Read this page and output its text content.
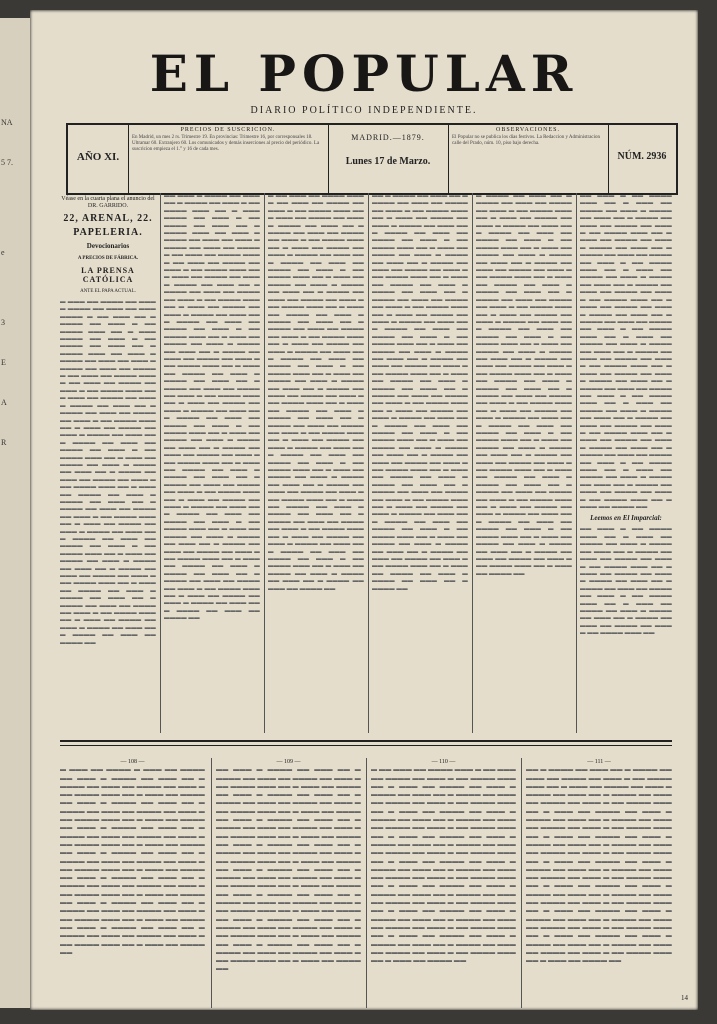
NA
5 7.
e
3
E
A
R
EL POPULAR
DIARIO POLÍTICO INDEPENDIENTE.
AÑO XI.
PRECIOS DE SUSCRICION.
En Madrid, un mes 2 rs. Trimestre 19. En provincias: Trimestre 16, por corresponsales 18. Ultramar 60. Extranjero 60. Los comunicados y demás inserciones al precio del periódico. La suscricion empieza el 1.° y 16 de cada mes.
MADRID.—1879.
Lunes 17 de Marzo.
OBSERVACIONES.
El Popular no se publica los días festivos. La Redaccion y Administracion calle del Prado, núm. 10, piso bajo derecha.
NÚM. 2936
Véase en la cuarta plana el anuncio del DR. GARRIDO.
22, ARENAL, 22.
PAPELERIA.
Devocionarios
A PRECIOS DE FÁBRICA.
LA PRENSA CATÓLICA
ANTE EL PAPA ACTUAL.
▬ ▬▬▬ ▬▬ ▬▬▬▬ ▬▬ ▬▬▬ ▬ ▬▬▬▬ ▬▬ ▬▬▬ ▬▬ ▬▬▬ ▬▬▬▬ ▬ ▬▬ ▬▬▬ ▬▬ ▬ ▬▬▬▬ ▬▬ ▬▬▬ ▬ ▬▬ ▬▬▬▬ ▬▬▬ ▬▬ ▬ ▬▬▬ ▬▬▬▬ ▬▬ ▬▬▬ ▬ ▬▬ ▬▬▬▬ ▬▬ ▬▬▬ ▬▬ ▬ ▬▬▬▬ ▬▬▬ ▬▬ ▬▬▬ ▬ ▬▬▬▬ ▬▬ ▬▬▬ ▬▬ ▬▬▬ ▬ ▬▬▬▬ ▬▬ ▬▬▬ ▬▬ ▬▬▬▬ ▬ ▬▬ ▬▬▬ ▬▬ ▬▬▬▬ ▬▬▬ ▬ ▬▬ ▬▬▬ ▬▬ ▬▬▬▬ ▬▬ ▬▬▬ ▬ ▬▬ ▬▬▬▬ ▬▬▬ ▬▬ ▬ ▬▬▬ ▬▬ ▬▬▬▬ ▬▬ ▬▬▬ ▬ ▬▬▬▬ ▬▬ ▬▬▬ ▬▬ ▬ ▬▬▬▬ ▬▬ ▬▬▬ ▬▬ ▬▬▬▬ ▬▬ ▬▬▬ ▬ ▬▬ ▬▬▬▬ ▬▬▬ ▬▬ ▬ ▬▬▬ ▬▬ ▬▬▬▬ ▬▬ ▬▬▬ ▬ ▬▬▬▬ ▬▬ ▬▬▬ ▬▬ ▬ ▬▬▬▬ ▬▬ ▬▬▬ ▬▬ ▬▬▬▬ ▬▬ ▬▬▬ ▬ ▬▬ ▬▬▬▬ ▬▬▬ ▬▬ ▬ ▬▬▬ ▬▬ ▬▬▬▬ ▬▬ ▬▬▬ ▬ ▬▬▬▬ ▬▬ ▬▬▬ ▬▬ ▬ ▬▬▬▬ ▬▬ ▬▬▬ ▬▬ ▬▬▬▬ ▬▬ ▬▬▬ ▬ ▬▬ ▬▬▬▬ ▬▬▬ ▬▬ ▬ ▬▬▬ ▬▬ ▬▬▬▬ ▬▬ ▬▬▬ ▬ ▬▬▬▬ ▬▬ ▬▬▬ ▬▬ ▬ ▬▬▬▬ ▬▬ ▬▬▬ ▬▬ ▬▬▬▬ ▬▬ ▬▬▬ ▬ ▬▬ ▬▬▬▬ ▬▬▬ ▬▬ ▬ ▬▬▬ ▬▬ ▬▬▬▬ ▬▬ ▬▬▬ ▬ ▬▬▬▬ ▬▬ ▬▬▬ ▬▬ ▬ ▬▬▬▬ ▬▬ ▬▬▬ ▬▬ ▬▬▬▬ ▬▬ ▬▬▬ ▬ ▬▬ ▬▬▬▬ ▬▬▬ ▬▬ ▬ ▬▬▬ ▬▬ ▬▬▬▬ ▬▬ ▬▬▬ ▬ ▬▬▬▬ ▬▬ ▬▬▬ ▬▬ ▬ ▬▬▬▬ ▬▬ ▬▬▬ ▬▬ ▬▬▬▬ ▬▬ ▬▬▬ ▬ ▬▬ ▬▬▬▬ ▬▬▬ ▬▬ ▬ ▬▬▬ ▬▬ ▬▬▬▬ ▬▬ ▬▬▬ ▬ ▬▬▬▬ ▬▬ ▬▬▬ ▬▬ ▬ ▬▬▬▬ ▬▬ ▬▬▬ ▬▬ ▬▬▬▬ ▬▬ ▬▬▬ ▬ ▬▬ ▬▬▬▬ ▬▬▬ ▬▬ ▬ ▬▬▬ ▬▬ ▬▬▬▬ ▬▬ ▬▬▬ ▬ ▬▬▬▬ ▬▬ ▬▬▬ ▬▬ ▬ ▬▬▬▬ ▬▬ ▬▬▬ ▬▬ ▬▬▬▬ ▬▬
▬▬ ▬▬▬ ▬ ▬▬▬▬ ▬▬ ▬▬▬ ▬▬ ▬ ▬▬▬▬ ▬▬ ▬▬▬ ▬ ▬▬ ▬▬▬▬ ▬▬▬ ▬▬ ▬ ▬▬▬ ▬▬▬▬ ▬▬ ▬▬▬ ▬ ▬▬ ▬▬▬▬ ▬▬ ▬▬▬ ▬▬ ▬ ▬▬▬▬ ▬▬▬ ▬▬ ▬▬▬ ▬ ▬▬▬▬ ▬▬ ▬▬▬ ▬▬ ▬▬▬ ▬ ▬▬▬▬ ▬▬ ▬▬▬ ▬▬ ▬▬▬▬ ▬ ▬▬ ▬▬▬ ▬▬ ▬▬▬▬ ▬▬▬ ▬ ▬▬ ▬▬▬ ▬▬ ▬▬▬▬ ▬▬ ▬▬▬ ▬ ▬▬ ▬▬▬▬ ▬▬▬ ▬▬ ▬ ▬▬▬ ▬▬ ▬▬▬▬ ▬▬ ▬▬▬ ▬ ▬▬▬▬ ▬▬ ▬▬▬ ▬▬ ▬ ▬▬▬▬ ▬▬ ▬▬▬ ▬▬ ▬▬▬▬ ▬▬ ▬▬▬ ▬ ▬▬ ▬▬▬▬ ▬▬▬ ▬▬ ▬ ▬▬▬ ▬▬ ▬▬▬▬ ▬▬ ▬▬▬ ▬ ▬▬▬▬ ▬▬ ▬▬▬ ▬▬ ▬ ▬▬▬▬ ▬▬ ▬▬▬ ▬▬ ▬▬▬▬ ▬▬ ▬▬▬ ▬ ▬▬ ▬▬▬▬ ▬▬▬ ▬▬ ▬ ▬▬▬ ▬▬ ▬▬▬▬ ▬▬ ▬▬▬ ▬ ▬▬▬▬ ▬▬ ▬▬▬ ▬▬ ▬ ▬▬▬▬ ▬▬ ▬▬▬ ▬▬ ▬▬▬▬ ▬▬ ▬▬▬ ▬ ▬▬ ▬▬▬▬ ▬▬▬ ▬▬ ▬ ▬▬▬ ▬▬ ▬▬▬▬ ▬▬ ▬▬▬ ▬ ▬▬▬▬ ▬▬ ▬▬▬ ▬▬ ▬ ▬▬▬▬ ▬▬ ▬▬▬ ▬▬ ▬▬▬▬ ▬▬ ▬▬▬ ▬ ▬▬ ▬▬▬▬ ▬▬▬ ▬▬ ▬ ▬▬▬ ▬▬ ▬▬▬▬ ▬▬ ▬▬▬ ▬ ▬▬▬▬ ▬▬ ▬▬▬ ▬▬ ▬ ▬▬▬▬ ▬▬ ▬▬▬ ▬▬ ▬▬▬▬ ▬▬ ▬▬▬ ▬ ▬▬ ▬▬▬▬ ▬▬▬ ▬▬ ▬ ▬▬▬ ▬▬ ▬▬▬▬ ▬▬ ▬▬▬ ▬ ▬▬▬▬ ▬▬ ▬▬▬ ▬▬ ▬ ▬▬▬▬ ▬▬ ▬▬▬ ▬▬ ▬▬▬▬ ▬▬ ▬▬▬ ▬ ▬▬ ▬▬▬▬ ▬▬▬ ▬▬ ▬ ▬▬▬ ▬▬ ▬▬▬▬ ▬▬ ▬▬▬ ▬ ▬▬▬▬ ▬▬ ▬▬▬ ▬▬ ▬ ▬▬▬▬ ▬▬ ▬▬▬ ▬▬ ▬▬▬▬ ▬▬ ▬▬▬ ▬ ▬▬ ▬▬▬▬ ▬▬▬ ▬▬ ▬ ▬▬▬ ▬▬ ▬▬▬▬ ▬▬ ▬▬▬ ▬ ▬▬▬▬ ▬▬ ▬▬▬ ▬▬ ▬ ▬▬▬▬ ▬▬ ▬▬▬ ▬▬ ▬▬▬▬ ▬▬ ▬▬▬ ▬ ▬▬ ▬▬▬▬ ▬▬▬ ▬▬ ▬ ▬▬▬ ▬▬ ▬▬▬▬ ▬▬ ▬▬▬ ▬ ▬▬▬▬ ▬▬ ▬▬▬ ▬▬ ▬ ▬▬▬▬ ▬▬ ▬▬▬ ▬▬ ▬▬▬▬ ▬▬ ▬▬▬ ▬ ▬▬ ▬▬▬▬ ▬▬▬ ▬▬ ▬ ▬▬▬ ▬▬ ▬▬▬▬ ▬▬ ▬▬▬ ▬ ▬▬▬▬ ▬▬ ▬▬▬ ▬▬ ▬ ▬▬▬▬ ▬▬ ▬▬▬ ▬▬ ▬▬▬▬ ▬▬ ▬▬▬ ▬ ▬▬ ▬▬▬▬ ▬▬▬ ▬▬ ▬ ▬▬▬ ▬▬ ▬▬▬▬ ▬▬ ▬▬▬ ▬ ▬▬▬▬ ▬▬ ▬▬▬ ▬▬ ▬ ▬▬▬▬ ▬▬ ▬▬▬ ▬▬ ▬▬▬▬ ▬▬
▬ ▬▬ ▬▬▬ ▬▬ ▬▬▬▬ ▬▬▬ ▬ ▬▬ ▬▬▬ ▬▬ ▬▬▬▬ ▬▬ ▬▬▬ ▬ ▬▬ ▬▬▬▬ ▬▬▬ ▬▬ ▬ ▬▬▬ ▬▬ ▬▬▬▬ ▬▬ ▬▬▬ ▬ ▬▬▬▬ ▬▬ ▬▬▬ ▬▬ ▬ ▬▬▬▬ ▬▬ ▬▬▬ ▬▬ ▬▬▬▬ ▬▬ ▬▬▬ ▬ ▬▬ ▬▬▬▬ ▬▬▬ ▬▬ ▬ ▬▬▬ ▬▬ ▬▬▬▬ ▬▬ ▬▬▬ ▬ ▬▬▬▬ ▬▬ ▬▬▬ ▬▬ ▬ ▬▬▬▬ ▬▬ ▬▬▬ ▬▬ ▬▬▬▬ ▬▬ ▬▬▬ ▬ ▬▬ ▬▬▬▬ ▬▬▬ ▬▬ ▬ ▬▬▬ ▬▬ ▬▬▬▬ ▬▬ ▬▬▬ ▬ ▬▬▬▬ ▬▬ ▬▬▬ ▬▬ ▬ ▬▬▬▬ ▬▬ ▬▬▬ ▬▬ ▬▬▬▬ ▬▬ ▬▬▬ ▬ ▬▬ ▬▬▬▬ ▬▬▬ ▬▬ ▬ ▬▬▬ ▬▬ ▬▬▬▬ ▬▬ ▬▬▬ ▬ ▬▬▬▬ ▬▬ ▬▬▬ ▬▬ ▬ ▬▬▬▬ ▬▬ ▬▬▬ ▬▬ ▬▬▬▬ ▬▬ ▬▬▬ ▬ ▬▬ ▬▬▬▬ ▬▬▬ ▬▬ ▬ ▬▬▬ ▬▬ ▬▬▬▬ ▬▬ ▬▬▬ ▬ ▬▬▬▬ ▬▬ ▬▬▬ ▬▬ ▬ ▬▬▬▬ ▬▬ ▬▬▬ ▬▬ ▬▬▬▬ ▬▬ ▬▬▬ ▬ ▬▬ ▬▬▬▬ ▬▬▬ ▬▬ ▬ ▬▬▬ ▬▬ ▬▬▬▬ ▬▬ ▬▬▬ ▬ ▬▬▬▬ ▬▬ ▬▬▬ ▬▬ ▬ ▬▬▬▬ ▬▬ ▬▬▬ ▬▬ ▬▬▬▬ ▬▬ ▬▬▬ ▬ ▬▬ ▬▬▬▬ ▬▬▬ ▬▬ ▬ ▬▬▬ ▬▬ ▬▬▬▬ ▬▬ ▬▬▬ ▬ ▬▬▬▬ ▬▬ ▬▬▬ ▬▬ ▬ ▬▬▬▬ ▬▬ ▬▬▬ ▬▬ ▬▬▬▬ ▬▬ ▬▬▬ ▬ ▬▬ ▬▬▬▬ ▬▬▬ ▬▬ ▬ ▬▬▬ ▬▬ ▬▬▬▬ ▬▬ ▬▬▬ ▬ ▬▬▬▬ ▬▬ ▬▬▬ ▬▬ ▬ ▬▬▬▬ ▬▬ ▬▬▬ ▬▬ ▬▬▬▬ ▬▬ ▬▬▬ ▬ ▬▬ ▬▬▬▬ ▬▬▬ ▬▬ ▬ ▬▬▬ ▬▬ ▬▬▬▬ ▬▬ ▬▬▬ ▬ ▬▬▬▬ ▬▬ ▬▬▬ ▬▬ ▬ ▬▬▬▬ ▬▬ ▬▬▬ ▬▬ ▬▬▬▬ ▬▬ ▬▬▬ ▬ ▬▬ ▬▬▬▬ ▬▬▬ ▬▬ ▬ ▬▬▬ ▬▬ ▬▬▬▬ ▬▬ ▬▬▬ ▬ ▬▬▬▬ ▬▬ ▬▬▬ ▬▬ ▬ ▬▬▬▬ ▬▬ ▬▬▬ ▬▬ ▬▬▬▬ ▬▬ ▬▬▬ ▬ ▬▬ ▬▬▬▬ ▬▬▬ ▬▬ ▬ ▬▬▬ ▬▬ ▬▬▬▬ ▬▬ ▬▬▬ ▬ ▬▬▬▬ ▬▬ ▬▬▬ ▬▬ ▬ ▬▬▬▬ ▬▬ ▬▬▬ ▬▬ ▬▬▬▬ ▬▬ ▬▬▬ ▬ ▬▬ ▬▬▬▬ ▬▬▬ ▬▬ ▬ ▬▬▬ ▬▬ ▬▬▬▬ ▬▬ ▬▬▬ ▬ ▬▬▬▬ ▬▬ ▬▬▬ ▬▬ ▬ ▬▬▬▬ ▬▬ ▬▬▬ ▬▬ ▬▬▬▬ ▬▬
▬▬ ▬ ▬▬▬▬ ▬▬ ▬▬▬ ▬▬ ▬ ▬▬▬▬ ▬▬ ▬▬▬ ▬▬ ▬▬▬▬ ▬▬ ▬▬▬ ▬ ▬▬ ▬▬▬▬ ▬▬▬ ▬▬ ▬ ▬▬▬ ▬▬ ▬▬▬▬ ▬▬ ▬▬▬ ▬ ▬▬▬▬ ▬▬ ▬▬▬ ▬▬ ▬ ▬▬▬▬ ▬▬ ▬▬▬ ▬▬ ▬▬▬▬ ▬▬ ▬▬▬ ▬ ▬▬ ▬▬▬▬ ▬▬▬ ▬▬ ▬ ▬▬▬ ▬▬ ▬▬▬▬ ▬▬ ▬▬▬ ▬ ▬▬▬▬ ▬▬ ▬▬▬ ▬▬ ▬ ▬▬▬▬ ▬▬ ▬▬▬ ▬▬ ▬▬▬▬ ▬▬ ▬▬▬ ▬ ▬▬ ▬▬▬▬ ▬▬▬ ▬▬ ▬ ▬▬▬ ▬▬ ▬▬▬▬ ▬▬ ▬▬▬ ▬ ▬▬▬▬ ▬▬ ▬▬▬ ▬▬ ▬ ▬▬▬▬ ▬▬ ▬▬▬ ▬▬ ▬▬▬▬ ▬▬ ▬▬▬ ▬ ▬▬ ▬▬▬▬ ▬▬▬ ▬▬ ▬ ▬▬▬ ▬▬ ▬▬▬▬ ▬▬ ▬▬▬ ▬ ▬▬▬▬ ▬▬ ▬▬▬ ▬▬ ▬ ▬▬▬▬ ▬▬ ▬▬▬ ▬▬ ▬▬▬▬ ▬▬ ▬▬▬ ▬ ▬▬ ▬▬▬▬ ▬▬▬ ▬▬ ▬ ▬▬▬ ▬▬ ▬▬▬▬ ▬▬ ▬▬▬ ▬ ▬▬▬▬ ▬▬ ▬▬▬ ▬▬ ▬ ▬▬▬▬ ▬▬ ▬▬▬ ▬▬ ▬▬▬▬ ▬▬ ▬▬▬ ▬ ▬▬ ▬▬▬▬ ▬▬▬ ▬▬ ▬ ▬▬▬ ▬▬ ▬▬▬▬ ▬▬ ▬▬▬ ▬ ▬▬▬▬ ▬▬ ▬▬▬ ▬▬ ▬ ▬▬▬▬ ▬▬ ▬▬▬ ▬▬ ▬▬▬▬ ▬▬ ▬▬▬ ▬ ▬▬ ▬▬▬▬ ▬▬▬ ▬▬ ▬ ▬▬▬ ▬▬ ▬▬▬▬ ▬▬ ▬▬▬ ▬ ▬▬▬▬ ▬▬ ▬▬▬ ▬▬ ▬ ▬▬▬▬ ▬▬ ▬▬▬ ▬▬ ▬▬▬▬ ▬▬ ▬▬▬ ▬ ▬▬ ▬▬▬▬ ▬▬▬ ▬▬ ▬ ▬▬▬ ▬▬ ▬▬▬▬ ▬▬ ▬▬▬ ▬ ▬▬▬▬ ▬▬ ▬▬▬ ▬▬ ▬ ▬▬▬▬ ▬▬ ▬▬▬ ▬▬ ▬▬▬▬ ▬▬ ▬▬▬ ▬ ▬▬ ▬▬▬▬ ▬▬▬ ▬▬ ▬ ▬▬▬ ▬▬ ▬▬▬▬ ▬▬ ▬▬▬ ▬ ▬▬▬▬ ▬▬ ▬▬▬ ▬▬ ▬ ▬▬▬▬ ▬▬ ▬▬▬ ▬▬ ▬▬▬▬ ▬▬ ▬▬▬ ▬ ▬▬ ▬▬▬▬ ▬▬▬ ▬▬ ▬ ▬▬▬ ▬▬ ▬▬▬▬ ▬▬ ▬▬▬ ▬ ▬▬▬▬ ▬▬ ▬▬▬ ▬▬ ▬ ▬▬▬▬ ▬▬ ▬▬▬ ▬▬ ▬▬▬▬ ▬▬ ▬▬▬ ▬ ▬▬ ▬▬▬▬ ▬▬▬ ▬▬ ▬ ▬▬▬ ▬▬ ▬▬▬▬ ▬▬ ▬▬▬ ▬ ▬▬▬▬ ▬▬ ▬▬▬ ▬▬ ▬ ▬▬▬▬ ▬▬ ▬▬▬ ▬▬ ▬▬▬▬ ▬▬ ▬▬▬ ▬ ▬▬ ▬▬▬▬ ▬▬▬ ▬▬ ▬ ▬▬▬ ▬▬ ▬▬▬▬ ▬▬ ▬▬▬ ▬ ▬▬▬▬ ▬▬ ▬▬▬ ▬▬ ▬ ▬▬▬▬ ▬▬
▬ ▬▬▬▬ ▬▬ ▬▬▬ ▬▬ ▬ ▬▬▬▬ ▬▬ ▬▬▬ ▬▬ ▬▬▬▬ ▬▬ ▬▬▬ ▬ ▬▬ ▬▬▬▬ ▬▬▬ ▬▬ ▬ ▬▬▬ ▬▬ ▬▬▬▬ ▬▬ ▬▬▬ ▬ ▬▬▬▬ ▬▬ ▬▬▬ ▬▬ ▬ ▬▬▬▬ ▬▬ ▬▬▬ ▬▬ ▬▬▬▬ ▬▬ ▬▬▬ ▬ ▬▬ ▬▬▬▬ ▬▬▬ ▬▬ ▬ ▬▬▬ ▬▬ ▬▬▬▬ ▬▬ ▬▬▬ ▬ ▬▬▬▬ ▬▬ ▬▬▬ ▬▬ ▬ ▬▬▬▬ ▬▬ ▬▬▬ ▬▬ ▬▬▬▬ ▬▬ ▬▬▬ ▬ ▬▬ ▬▬▬▬ ▬▬▬ ▬▬ ▬ ▬▬▬ ▬▬ ▬▬▬▬ ▬▬ ▬▬▬ ▬ ▬▬▬▬ ▬▬ ▬▬▬ ▬▬ ▬ ▬▬▬▬ ▬▬ ▬▬▬ ▬▬ ▬▬▬▬ ▬▬ ▬▬▬ ▬ ▬▬ ▬▬▬▬ ▬▬▬ ▬▬ ▬ ▬▬▬ ▬▬ ▬▬▬▬ ▬▬ ▬▬▬ ▬ ▬▬▬▬ ▬▬ ▬▬▬ ▬▬ ▬ ▬▬▬▬ ▬▬ ▬▬▬ ▬▬ ▬▬▬▬ ▬▬ ▬▬▬ ▬ ▬▬ ▬▬▬▬ ▬▬▬ ▬▬ ▬ ▬▬▬ ▬▬ ▬▬▬▬ ▬▬ ▬▬▬ ▬ ▬▬▬▬ ▬▬ ▬▬▬ ▬▬ ▬ ▬▬▬▬ ▬▬ ▬▬▬ ▬▬ ▬▬▬▬ ▬▬ ▬▬▬ ▬ ▬▬ ▬▬▬▬ ▬▬▬ ▬▬ ▬ ▬▬▬ ▬▬ ▬▬▬▬ ▬▬ ▬▬▬ ▬ ▬▬▬▬ ▬▬ ▬▬▬ ▬▬ ▬ ▬▬▬▬ ▬▬ ▬▬▬ ▬▬ ▬▬▬▬ ▬▬ ▬▬▬ ▬ ▬▬ ▬▬▬▬ ▬▬▬ ▬▬ ▬ ▬▬▬ ▬▬ ▬▬▬▬ ▬▬ ▬▬▬ ▬ ▬▬▬▬ ▬▬ ▬▬▬ ▬▬ ▬ ▬▬▬▬ ▬▬ ▬▬▬ ▬▬ ▬▬▬▬ ▬▬ ▬▬▬ ▬ ▬▬ ▬▬▬▬ ▬▬▬ ▬▬ ▬ ▬▬▬ ▬▬ ▬▬▬▬ ▬▬ ▬▬▬ ▬ ▬▬▬▬ ▬▬ ▬▬▬ ▬▬ ▬ ▬▬▬▬ ▬▬ ▬▬▬ ▬▬ ▬▬▬▬ ▬▬ ▬▬▬ ▬ ▬▬ ▬▬▬▬ ▬▬▬ ▬▬ ▬ ▬▬▬ ▬▬ ▬▬▬▬ ▬▬ ▬▬▬ ▬ ▬▬▬▬ ▬▬ ▬▬▬ ▬▬ ▬ ▬▬▬▬ ▬▬ ▬▬▬ ▬▬ ▬▬▬▬ ▬▬ ▬▬▬ ▬ ▬▬ ▬▬▬▬ ▬▬▬ ▬▬ ▬ ▬▬▬ ▬▬ ▬▬▬▬ ▬▬ ▬▬▬ ▬ ▬▬▬▬ ▬▬ ▬▬▬ ▬▬ ▬ ▬▬▬▬ ▬▬ ▬▬▬ ▬▬ ▬▬▬▬ ▬▬ ▬▬▬ ▬ ▬▬ ▬▬▬▬ ▬▬▬ ▬▬ ▬ ▬▬▬ ▬▬ ▬▬▬▬ ▬▬ ▬▬▬ ▬ ▬▬▬▬ ▬▬ ▬▬▬ ▬▬ ▬ ▬▬▬▬ ▬▬ ▬▬▬ ▬▬ ▬▬▬▬ ▬▬ ▬▬▬ ▬ ▬▬ ▬▬▬▬ ▬▬▬ ▬▬ ▬ ▬▬▬ ▬▬ ▬▬▬▬ ▬▬
▬▬ ▬▬▬ ▬ ▬▬ ▬▬▬▬ ▬▬▬ ▬▬ ▬ ▬▬▬ ▬▬ ▬▬▬▬ ▬▬ ▬▬▬ ▬ ▬▬▬▬ ▬▬ ▬▬▬ ▬▬ ▬ ▬▬▬▬ ▬▬ ▬▬▬ ▬▬ ▬▬▬▬ ▬▬ ▬▬▬ ▬ ▬▬ ▬▬▬▬ ▬▬▬ ▬▬ ▬ ▬▬▬ ▬▬ ▬▬▬▬ ▬▬ ▬▬▬ ▬ ▬▬▬▬ ▬▬ ▬▬▬ ▬▬ ▬ ▬▬▬▬ ▬▬ ▬▬▬ ▬▬ ▬▬▬▬ ▬▬ ▬▬▬ ▬ ▬▬ ▬▬▬▬ ▬▬▬ ▬▬ ▬ ▬▬▬ ▬▬ ▬▬▬▬ ▬▬ ▬▬▬ ▬ ▬▬▬▬ ▬▬ ▬▬▬ ▬▬ ▬ ▬▬▬▬ ▬▬ ▬▬▬ ▬▬ ▬▬▬▬ ▬▬ ▬▬▬ ▬ ▬▬ ▬▬▬▬ ▬▬▬ ▬▬ ▬ ▬▬▬ ▬▬ ▬▬▬▬ ▬▬ ▬▬▬ ▬ ▬▬▬▬ ▬▬ ▬▬▬ ▬▬ ▬ ▬▬▬▬ ▬▬ ▬▬▬ ▬▬ ▬▬▬▬ ▬▬ ▬▬▬ ▬ ▬▬ ▬▬▬▬ ▬▬▬ ▬▬ ▬ ▬▬▬ ▬▬ ▬▬▬▬ ▬▬ ▬▬▬ ▬ ▬▬▬▬ ▬▬ ▬▬▬ ▬▬ ▬ ▬▬▬▬ ▬▬ ▬▬▬ ▬▬ ▬▬▬▬ ▬▬ ▬▬▬ ▬ ▬▬ ▬▬▬▬ ▬▬▬ ▬▬ ▬ ▬▬▬ ▬▬ ▬▬▬▬ ▬▬ ▬▬▬ ▬ ▬▬▬▬ ▬▬ ▬▬▬ ▬▬ ▬ ▬▬▬▬ ▬▬ ▬▬▬ ▬▬ ▬▬▬▬ ▬▬ ▬▬▬ ▬ ▬▬ ▬▬▬▬ ▬▬▬ ▬▬ ▬ ▬▬▬ ▬▬ ▬▬▬▬ ▬▬ ▬▬▬ ▬ ▬▬▬▬ ▬▬ ▬▬▬ ▬▬ ▬ ▬▬▬▬ ▬▬ ▬▬▬ ▬▬ ▬▬▬▬ ▬▬ ▬▬▬ ▬ ▬▬ ▬▬▬▬ ▬▬▬ ▬▬ ▬ ▬▬▬ ▬▬ ▬▬▬▬ ▬▬ ▬▬▬ ▬ ▬▬▬▬ ▬▬ ▬▬▬ ▬▬ ▬ ▬▬▬▬ ▬▬ ▬▬▬ ▬▬ ▬▬▬▬ ▬▬ ▬▬▬ ▬ ▬▬ ▬▬▬▬ ▬▬▬ ▬▬ ▬ ▬▬▬ ▬▬ ▬▬▬▬ ▬▬ ▬▬▬ ▬ ▬▬▬▬ ▬▬ ▬▬▬ ▬▬ ▬ ▬▬▬▬ ▬▬ ▬▬▬ ▬▬ ▬▬▬▬ ▬▬ ▬▬▬ ▬ ▬▬ ▬▬▬▬ ▬▬▬ ▬▬ ▬ ▬▬▬ ▬▬ ▬▬▬▬ ▬▬
Leemos en El Imparcial:
▬▬ ▬▬▬ ▬ ▬▬ ▬▬▬▬ ▬▬▬ ▬▬ ▬ ▬▬▬ ▬▬ ▬▬▬▬ ▬▬ ▬▬▬ ▬ ▬▬▬▬ ▬▬ ▬▬▬ ▬▬ ▬ ▬▬▬▬ ▬▬ ▬▬▬ ▬▬ ▬▬▬▬ ▬▬ ▬▬▬ ▬ ▬▬ ▬▬▬▬ ▬▬▬ ▬▬ ▬ ▬▬▬ ▬▬ ▬▬▬▬ ▬▬ ▬▬▬ ▬ ▬▬▬▬ ▬▬ ▬▬▬ ▬▬ ▬ ▬▬▬▬ ▬▬ ▬▬▬ ▬▬ ▬▬▬▬ ▬▬ ▬▬▬ ▬ ▬▬ ▬▬▬▬ ▬▬▬ ▬▬ ▬ ▬▬▬ ▬▬ ▬▬▬▬ ▬▬ ▬▬▬ ▬ ▬▬▬▬ ▬▬ ▬▬▬ ▬▬ ▬ ▬▬▬▬ ▬▬ ▬▬▬ ▬▬ ▬▬▬▬ ▬▬ ▬▬▬ ▬ ▬▬ ▬▬▬▬ ▬▬▬ ▬▬
— 108 —
▬ ▬▬▬ ▬▬ ▬▬▬▬ ▬ ▬▬▬ ▬▬ ▬▬▬▬ ▬▬ ▬▬▬ ▬ ▬▬▬▬ ▬▬ ▬▬▬ ▬▬ ▬ ▬▬▬▬ ▬▬ ▬▬▬ ▬▬ ▬▬▬▬ ▬▬ ▬▬▬ ▬ ▬▬ ▬▬▬▬ ▬▬▬ ▬▬ ▬ ▬▬▬ ▬▬ ▬▬▬▬ ▬▬ ▬▬▬ ▬ ▬▬▬▬ ▬▬ ▬▬▬ ▬▬ ▬ ▬▬▬▬ ▬▬ ▬▬▬ ▬▬ ▬▬▬▬ ▬▬ ▬▬▬ ▬ ▬▬ ▬▬▬▬ ▬▬▬ ▬▬ ▬ ▬▬▬ ▬▬ ▬▬▬▬ ▬▬ ▬▬▬ ▬ ▬▬▬▬ ▬▬ ▬▬▬ ▬▬ ▬ ▬▬▬▬ ▬▬ ▬▬▬ ▬▬ ▬▬▬▬ ▬▬ ▬▬▬ ▬ ▬▬ ▬▬▬▬ ▬▬▬ ▬▬ ▬ ▬▬▬ ▬▬ ▬▬▬▬ ▬▬ ▬▬▬ ▬ ▬▬▬▬ ▬▬ ▬▬▬ ▬▬ ▬ ▬▬▬▬ ▬▬ ▬▬▬ ▬▬ ▬▬▬▬ ▬▬ ▬▬▬ ▬ ▬▬ ▬▬▬▬ ▬▬▬ ▬▬ ▬ ▬▬▬ ▬▬ ▬▬▬▬ ▬▬ ▬▬▬ ▬ ▬▬▬▬ ▬▬ ▬▬▬ ▬▬ ▬ ▬▬▬▬ ▬▬ ▬▬▬ ▬▬ ▬▬▬▬ ▬▬ ▬▬▬ ▬ ▬▬ ▬▬▬▬ ▬▬▬ ▬▬ ▬ ▬▬▬ ▬▬ ▬▬▬▬ ▬▬ ▬▬▬ ▬ ▬▬▬▬ ▬▬ ▬▬▬ ▬▬ ▬ ▬▬▬▬ ▬▬ ▬▬▬ ▬▬ ▬▬▬▬ ▬▬ ▬▬▬ ▬ ▬▬ ▬▬▬▬ ▬▬▬ ▬▬ ▬ ▬▬▬ ▬▬ ▬▬▬▬ ▬▬ ▬▬▬ ▬ ▬▬▬▬ ▬▬ ▬▬▬ ▬▬ ▬ ▬▬▬▬ ▬▬ ▬▬▬ ▬▬ ▬▬▬▬ ▬▬ ▬▬▬ ▬ ▬▬ ▬▬▬▬ ▬▬▬ ▬▬ ▬ ▬▬▬ ▬▬ ▬▬▬▬ ▬▬
— 109 —
▬▬ ▬▬▬ ▬ ▬▬▬▬ ▬▬ ▬▬▬ ▬▬ ▬ ▬▬▬▬ ▬▬ ▬▬▬ ▬▬ ▬▬▬▬ ▬▬ ▬▬▬ ▬ ▬▬ ▬▬▬▬ ▬▬▬ ▬▬ ▬ ▬▬▬ ▬▬ ▬▬▬▬ ▬▬ ▬▬▬ ▬ ▬▬▬▬ ▬▬ ▬▬▬ ▬▬ ▬ ▬▬▬▬ ▬▬ ▬▬▬ ▬▬ ▬▬▬▬ ▬▬ ▬▬▬ ▬ ▬▬ ▬▬▬▬ ▬▬▬ ▬▬ ▬ ▬▬▬ ▬▬ ▬▬▬▬ ▬▬ ▬▬▬ ▬ ▬▬▬▬ ▬▬ ▬▬▬ ▬▬ ▬ ▬▬▬▬ ▬▬ ▬▬▬ ▬▬ ▬▬▬▬ ▬▬ ▬▬▬ ▬ ▬▬ ▬▬▬▬ ▬▬▬ ▬▬ ▬ ▬▬▬ ▬▬ ▬▬▬▬ ▬▬ ▬▬▬ ▬ ▬▬▬▬ ▬▬ ▬▬▬ ▬▬ ▬ ▬▬▬▬ ▬▬ ▬▬▬ ▬▬ ▬▬▬▬ ▬▬ ▬▬▬ ▬ ▬▬ ▬▬▬▬ ▬▬▬ ▬▬ ▬ ▬▬▬ ▬▬ ▬▬▬▬ ▬▬ ▬▬▬ ▬ ▬▬▬▬ ▬▬ ▬▬▬ ▬▬ ▬ ▬▬▬▬ ▬▬ ▬▬▬ ▬▬ ▬▬▬▬ ▬▬ ▬▬▬ ▬ ▬▬ ▬▬▬▬ ▬▬▬ ▬▬ ▬ ▬▬▬ ▬▬ ▬▬▬▬ ▬▬ ▬▬▬ ▬ ▬▬▬▬ ▬▬ ▬▬▬ ▬▬ ▬ ▬▬▬▬ ▬▬ ▬▬▬ ▬▬ ▬▬▬▬ ▬▬ ▬▬▬ ▬ ▬▬ ▬▬▬▬ ▬▬▬ ▬▬ ▬ ▬▬▬ ▬▬ ▬▬▬▬ ▬▬ ▬▬▬ ▬ ▬▬▬▬ ▬▬ ▬▬▬ ▬▬ ▬ ▬▬▬▬ ▬▬ ▬▬▬ ▬▬ ▬▬▬▬ ▬▬ ▬▬▬ ▬ ▬▬ ▬▬▬▬ ▬▬▬ ▬▬ ▬ ▬▬▬ ▬▬ ▬▬▬▬ ▬▬ ▬▬▬ ▬ ▬▬▬▬ ▬▬ ▬▬▬ ▬▬ ▬ ▬▬▬▬ ▬▬ ▬▬▬ ▬▬ ▬▬▬▬ ▬▬ ▬▬▬ ▬ ▬▬ ▬▬▬▬ ▬▬▬ ▬▬ ▬ ▬▬▬ ▬▬ ▬▬▬▬ ▬▬
— 110 —
▬ ▬▬ ▬▬▬ ▬▬ ▬▬▬▬ ▬▬▬ ▬ ▬▬ ▬▬▬ ▬▬ ▬▬▬▬ ▬▬ ▬▬▬ ▬ ▬▬ ▬▬▬▬ ▬▬▬ ▬▬ ▬ ▬▬▬ ▬▬ ▬▬▬▬ ▬▬ ▬▬▬ ▬ ▬▬▬▬ ▬▬ ▬▬▬ ▬▬ ▬ ▬▬▬▬ ▬▬ ▬▬▬ ▬▬ ▬▬▬▬ ▬▬ ▬▬▬ ▬ ▬▬ ▬▬▬▬ ▬▬▬ ▬▬ ▬ ▬▬▬ ▬▬ ▬▬▬▬ ▬▬ ▬▬▬ ▬ ▬▬▬▬ ▬▬ ▬▬▬ ▬▬ ▬ ▬▬▬▬ ▬▬ ▬▬▬ ▬▬ ▬▬▬▬ ▬▬ ▬▬▬ ▬ ▬▬ ▬▬▬▬ ▬▬▬ ▬▬ ▬ ▬▬▬ ▬▬ ▬▬▬▬ ▬▬ ▬▬▬ ▬ ▬▬▬▬ ▬▬ ▬▬▬ ▬▬ ▬ ▬▬▬▬ ▬▬ ▬▬▬ ▬▬ ▬▬▬▬ ▬▬ ▬▬▬ ▬ ▬▬ ▬▬▬▬ ▬▬▬ ▬▬ ▬ ▬▬▬ ▬▬ ▬▬▬▬ ▬▬ ▬▬▬ ▬ ▬▬▬▬ ▬▬ ▬▬▬ ▬▬ ▬ ▬▬▬▬ ▬▬ ▬▬▬ ▬▬ ▬▬▬▬ ▬▬ ▬▬▬ ▬ ▬▬ ▬▬▬▬ ▬▬▬ ▬▬ ▬ ▬▬▬ ▬▬ ▬▬▬▬ ▬▬ ▬▬▬ ▬ ▬▬▬▬ ▬▬ ▬▬▬ ▬▬ ▬ ▬▬▬▬ ▬▬ ▬▬▬ ▬▬ ▬▬▬▬ ▬▬ ▬▬▬ ▬ ▬▬ ▬▬▬▬ ▬▬▬ ▬▬ ▬ ▬▬▬ ▬▬ ▬▬▬▬ ▬▬ ▬▬▬ ▬ ▬▬▬▬ ▬▬ ▬▬▬ ▬▬ ▬ ▬▬▬▬ ▬▬ ▬▬▬ ▬▬ ▬▬▬▬ ▬▬ ▬▬▬ ▬ ▬▬ ▬▬▬▬ ▬▬▬ ▬▬ ▬ ▬▬▬ ▬▬ ▬▬▬▬ ▬▬ ▬▬▬ ▬ ▬▬▬▬ ▬▬ ▬▬▬ ▬▬ ▬ ▬▬▬▬ ▬▬ ▬▬▬ ▬▬ ▬▬▬▬ ▬▬ ▬▬▬ ▬ ▬▬ ▬▬▬▬ ▬▬▬ ▬▬ ▬ ▬▬▬ ▬▬ ▬▬▬▬ ▬▬
— 111 —
▬▬ ▬ ▬▬▬▬ ▬▬ ▬▬▬ ▬▬ ▬ ▬▬▬▬ ▬▬ ▬▬▬ ▬▬ ▬▬▬▬ ▬▬ ▬▬▬ ▬ ▬▬ ▬▬▬▬ ▬▬▬ ▬▬ ▬ ▬▬▬ ▬▬ ▬▬▬▬ ▬▬ ▬▬▬ ▬ ▬▬▬▬ ▬▬ ▬▬▬ ▬▬ ▬ ▬▬▬▬ ▬▬ ▬▬▬ ▬▬ ▬▬▬▬ ▬▬ ▬▬▬ ▬ ▬▬ ▬▬▬▬ ▬▬▬ ▬▬ ▬ ▬▬▬ ▬▬ ▬▬▬▬ ▬▬ ▬▬▬ ▬ ▬▬▬▬ ▬▬ ▬▬▬ ▬▬ ▬ ▬▬▬▬ ▬▬ ▬▬▬ ▬▬ ▬▬▬▬ ▬▬ ▬▬▬ ▬ ▬▬ ▬▬▬▬ ▬▬▬ ▬▬ ▬ ▬▬▬ ▬▬ ▬▬▬▬ ▬▬ ▬▬▬ ▬ ▬▬▬▬ ▬▬ ▬▬▬ ▬▬ ▬ ▬▬▬▬ ▬▬ ▬▬▬ ▬▬ ▬▬▬▬ ▬▬ ▬▬▬ ▬ ▬▬ ▬▬▬▬ ▬▬▬ ▬▬ ▬ ▬▬▬ ▬▬ ▬▬▬▬ ▬▬ ▬▬▬ ▬ ▬▬▬▬ ▬▬ ▬▬▬ ▬▬ ▬ ▬▬▬▬ ▬▬ ▬▬▬ ▬▬ ▬▬▬▬ ▬▬ ▬▬▬ ▬ ▬▬ ▬▬▬▬ ▬▬▬ ▬▬ ▬ ▬▬▬ ▬▬ ▬▬▬▬ ▬▬ ▬▬▬ ▬ ▬▬▬▬ ▬▬ ▬▬▬ ▬▬ ▬ ▬▬▬▬ ▬▬ ▬▬▬ ▬▬ ▬▬▬▬ ▬▬ ▬▬▬ ▬ ▬▬ ▬▬▬▬ ▬▬▬ ▬▬ ▬ ▬▬▬ ▬▬ ▬▬▬▬ ▬▬ ▬▬▬ ▬ ▬▬▬▬ ▬▬ ▬▬▬ ▬▬ ▬ ▬▬▬▬ ▬▬ ▬▬▬ ▬▬ ▬▬▬▬ ▬▬ ▬▬▬ ▬ ▬▬ ▬▬▬▬ ▬▬▬ ▬▬ ▬ ▬▬▬ ▬▬ ▬▬▬▬ ▬▬ ▬▬▬ ▬ ▬▬▬▬ ▬▬ ▬▬▬ ▬▬ ▬ ▬▬▬▬ ▬▬ ▬▬▬ ▬▬ ▬▬▬▬ ▬▬ ▬▬▬ ▬ ▬▬ ▬▬▬▬ ▬▬▬ ▬▬ ▬ ▬▬▬ ▬▬ ▬▬▬▬ ▬▬
14
